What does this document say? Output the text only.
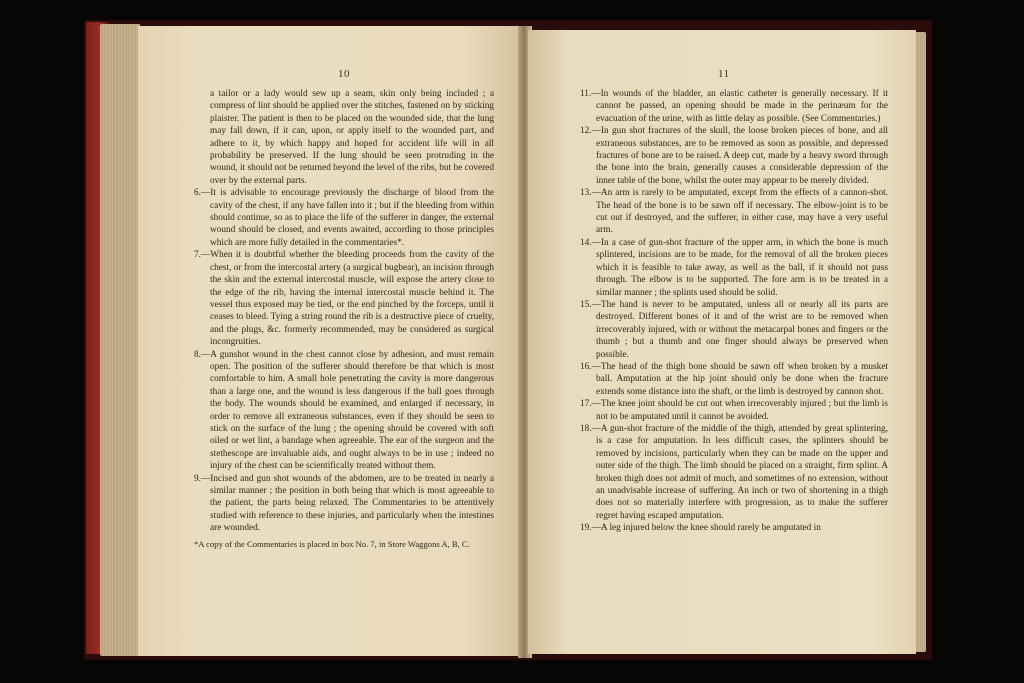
10

a tailor or a lady would sew up a seam, skin only being included ; a compress of lint should be applied over the stitches, fastened on by sticking plaister. The patient is then to be placed on the wounded side, that the lung may fall down, if it can, upon, or apply itself to the wounded part, and adhere to it, by which happy and hoped for accident life will in all probability be preserved. If the lung should be seen protruding in the wound, it should not be returned beyond the level of the ribs, but be covered over by the external parts.

6.—It is advisable to encourage previously the discharge of blood from the cavity of the chest, if any have fallen into it ; but if the bleeding from within should continue, so as to place the life of the sufferer in danger, the external wound should be closed, and events awaited, according to those principles which are more fully detailed in the commentaries*.

7.—When it is doubtful whether the bleeding proceeds from the cavity of the chest, or from the intercostal artery (a surgical bugbear), an incision through the skin and the external intercostal muscle, will expose the artery close to the edge of the rib, having the internal intercostal muscle behind it. The vessel thus exposed may be tied, or the end pinched by the forceps, until it ceases to bleed. Tying a string round the rib is a destructive piece of cruelty, and the plugs, &c. formerly recommended, may be considered as surgical incongruities.

8.—A gunshot wound in the chest cannot close by adhesion, and must remain open. The position of the sufferer should therefore be that which is most comfortable to him. A small hole penetrating the cavity is more dangerous than a large one, and the wound is less dangerous if the ball goes through the body. The wounds should be examined, and enlarged if necessary, in order to remove all extraneous substances, even if they should be seen to stick on the surface of the lung ; the opening should be covered with soft oiled or wet lint, a bandage when agreeable. The ear of the surgeon and the stethescope are invaluable aids, and ought always to be in use ; indeed no injury of the chest can be scientifically treated without them.

9.—Incised and gun shot wounds of the abdomen, are to be treated in nearly a similar manner ; the position in both being that which is most agreeable to the patient, the parts being relaxed. The Commentaries to be attentively studied with reference to these injuries, and particularly when the intestines are wounded.

*A copy of the Commentaries is placed in box No. 7, in Store Waggons A, B, C.

11

11.—In wounds of the bladder, an elastic catheter is generally necessary. If it cannot be passed, an opening should be made in the perinæum for the evacuation of the urine, with as little delay as possible. (See Commentaries.)

12.—In gun shot fractures of the skull, the loose broken pieces of bone, and all extraneous substances, are to be removed as soon as possible, and depressed fractures of bone are to be raised. A deep cut, made by a heavy sword through the bone into the brain, generally causes a considerable depression of the inner table of the bone, whilst the outer may appear to be merely divided.

13.—An arm is rarely to be amputated, except from the effects of a cannon-shot. The head of the bone is to be sawn off if necessary. The elbow-joint is to be cut out if destroyed, and the sufferer, in either case, may have a very useful arm.

14.—In a case of gun-shot fracture of the upper arm, in which the bone is much splintered, incisions are to be made, for the removal of all the broken pieces which it is feasible to take away, as well as the ball, if it should not pass through. The elbow is to be supported. The fore arm is to be treated in a similar manner ; the splints used should be solid.

15.—The hand is never to be amputated, unless all or nearly all its parts are destroyed. Different bones of it and of the wrist are to be removed when irrecoverably injured, with or without the metacarpal bones and fingers or the thumb ; but a thumb and one finger should always be preserved when possible.

16.—The head of the thigh bone should be sawn off when broken by a musket ball. Amputation at the hip joint should only be done when the fracture extends some distance into the shaft, or the limb is destroyed by cannon shot.

17.—The knee joint should be cut out when irrecoverably injured ; but the limb is not to be amputated until it cannot be avoided.

18.—A gun-shot fracture of the middle of the thigh, attended by great splintering, is a case for amputation. In less difficult cases, the splinters should be removed by incisions, particularly when they can be made on the upper and outer side of the thigh. The limb should be placed on a straight, firm splint. A broken thigh does not admit of much, and sometimes of no extension, without an unadvisable increase of suffering. An inch or two of shortening in a thigh does not so materially interfere with progression, as to make the sufferer regret having escaped amputation.

19.—A leg injured below the knee should rarely be amputated in
